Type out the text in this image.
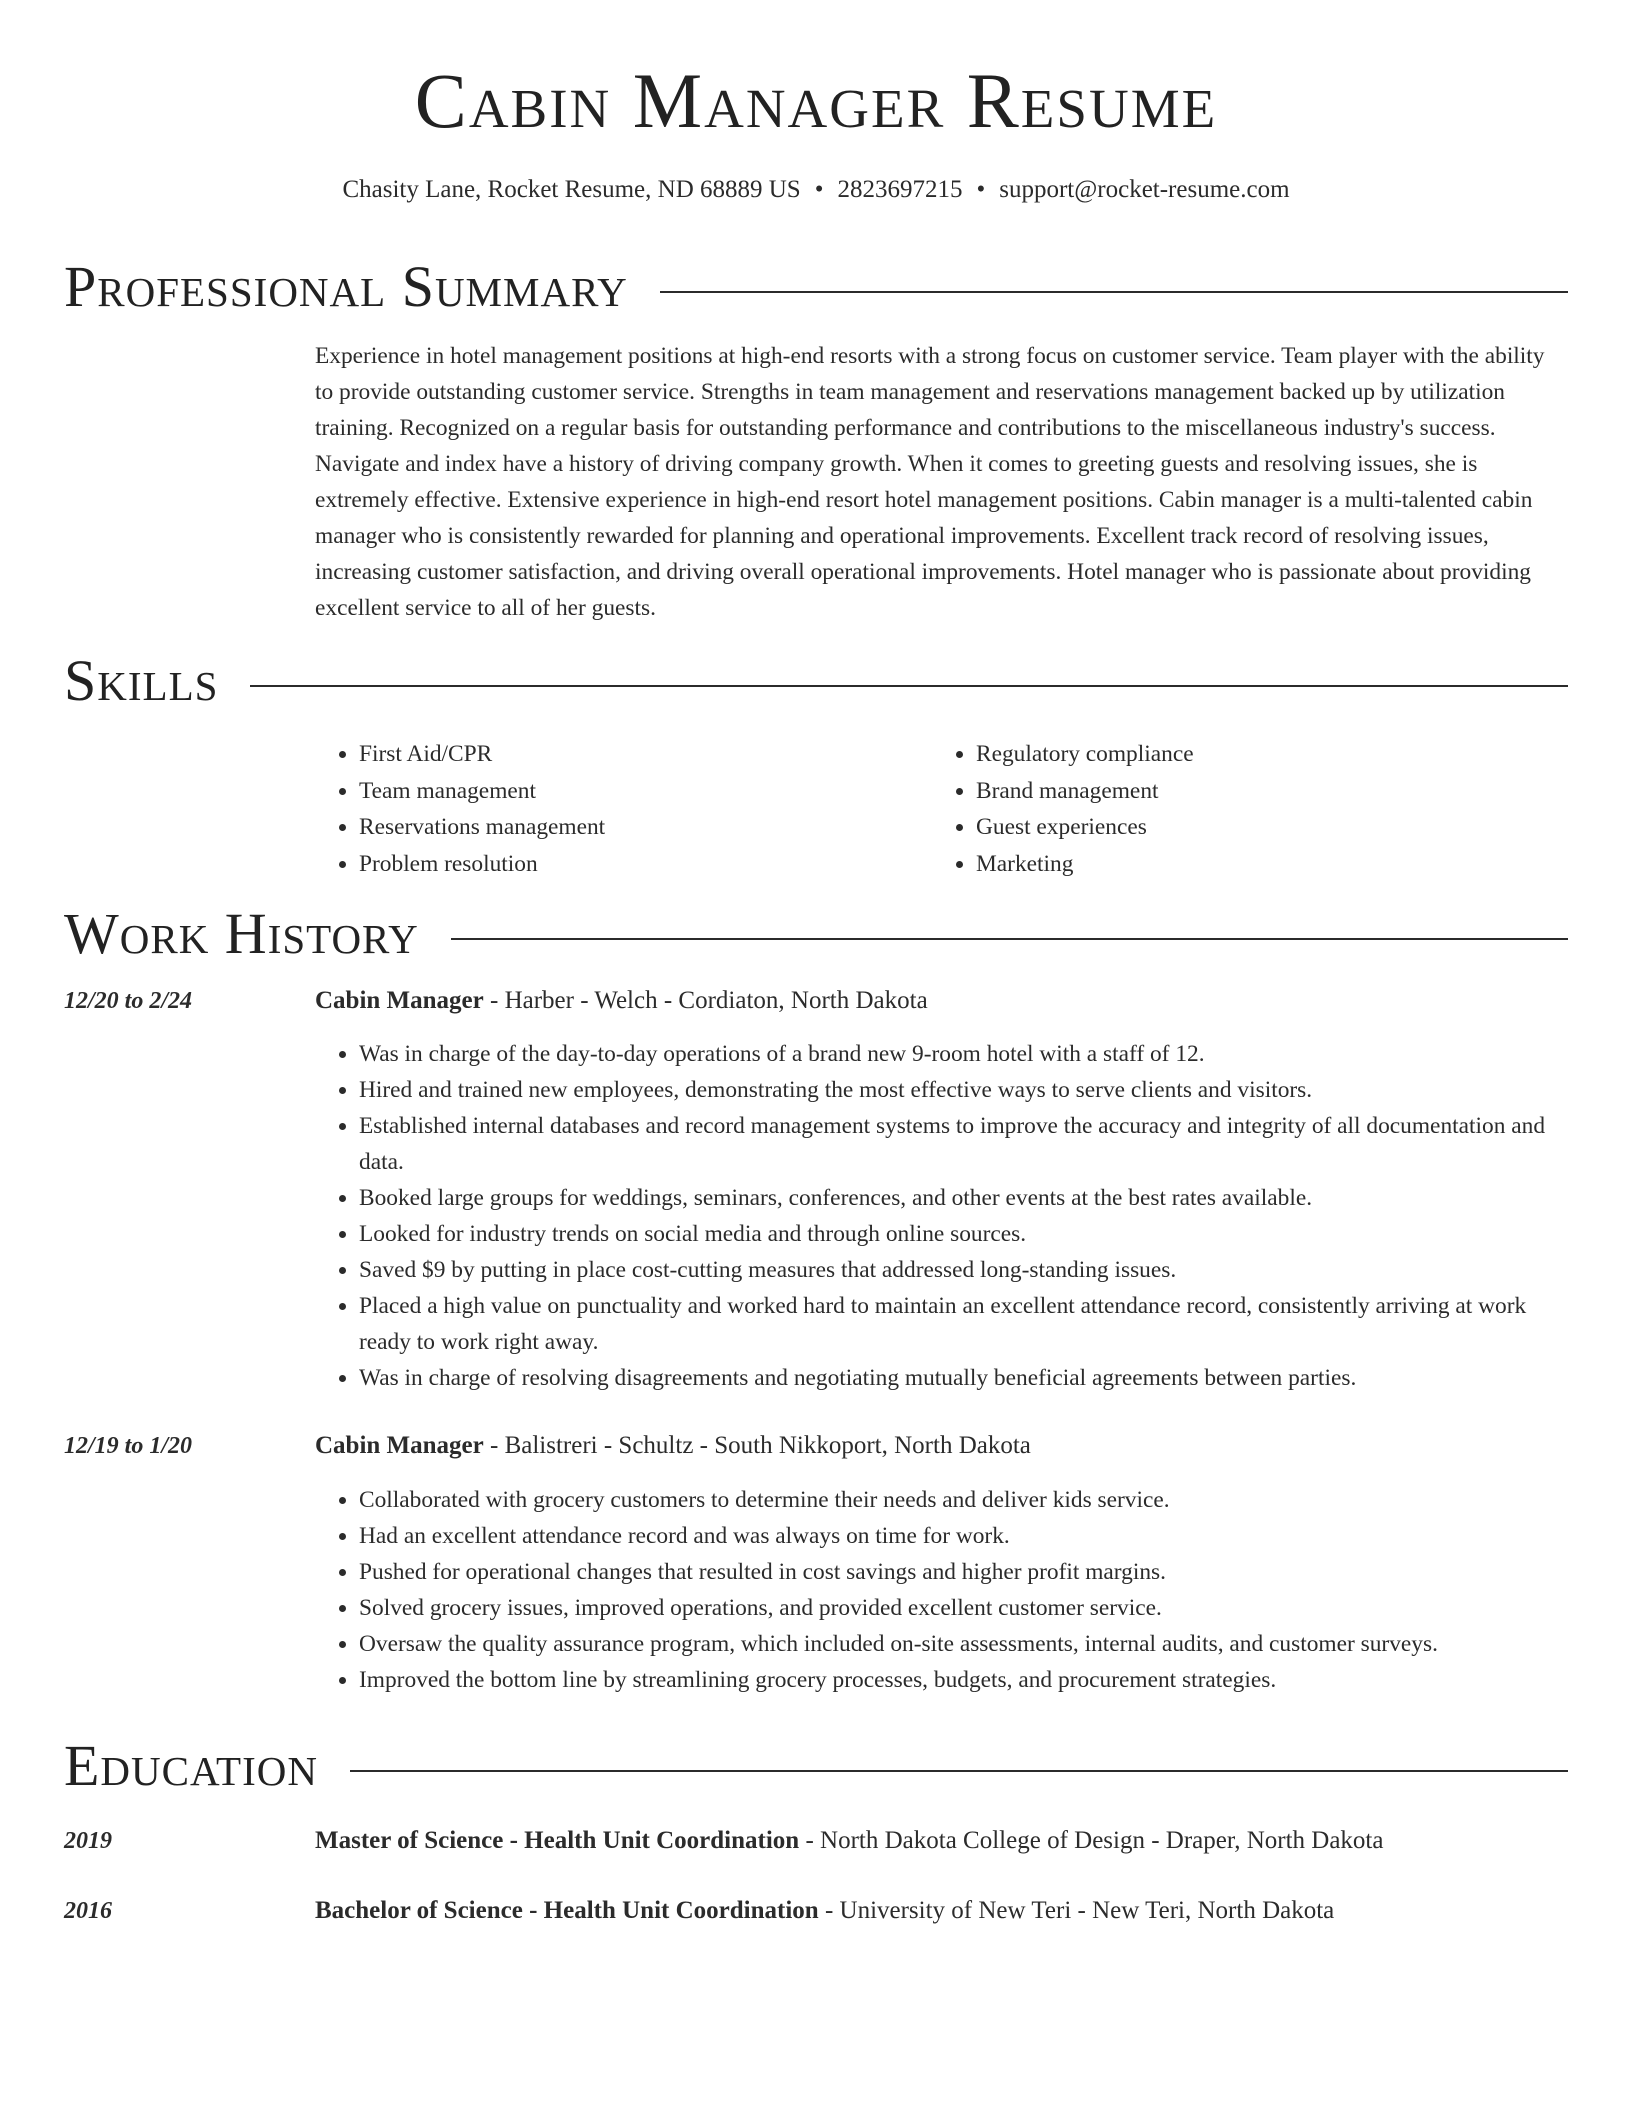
Cabin Manager Resume

Chasity Lane, Rocket Resume, ND 68889 US • 2823697215 • support@rocket-resume.com

Professional Summary

Experience in hotel management positions at high-end resorts with a strong focus on customer service. Team player with the ability to provide outstanding customer service. Strengths in team management and reservations management backed up by utilization training. Recognized on a regular basis for outstanding performance and contributions to the miscellaneous industry's success. Navigate and index have a history of driving company growth. When it comes to greeting guests and resolving issues, she is extremely effective. Extensive experience in high-end resort hotel management positions. Cabin manager is a multi-talented cabin manager who is consistently rewarded for planning and operational improvements. Excellent track record of resolving issues, increasing customer satisfaction, and driving overall operational improvements. Hotel manager who is passionate about providing excellent service to all of her guests.

Skills
• First Aid/CPR
• Team management
• Reservations management
• Problem resolution
• Regulatory compliance
• Brand management
• Guest experiences
• Marketing
Work History
12/20 to 2/24	Cabin Manager - Harber - Welch - Cordiaton, North Dakota
• Was in charge of the day-to-day operations of a brand new 9-room hotel with a staff of 12.
• Hired and trained new employees, demonstrating the most effective ways to serve clients and visitors.
• Established internal databases and record management systems to improve the accuracy and integrity of all documentation and data.
• Booked large groups for weddings, seminars, conferences, and other events at the best rates available.
• Looked for industry trends on social media and through online sources.
• Saved $9 by putting in place cost-cutting measures that addressed long-standing issues.
• Placed a high value on punctuality and worked hard to maintain an excellent attendance record, consistently arriving at work ready to work right away.
• Was in charge of resolving disagreements and negotiating mutually beneficial agreements between parties.
12/19 to 1/20	Cabin Manager - Balistreri - Schultz - South Nikkoport, North Dakota
• Collaborated with grocery customers to determine their needs and deliver kids service.
• Had an excellent attendance record and was always on time for work.
• Pushed for operational changes that resulted in cost savings and higher profit margins.
• Solved grocery issues, improved operations, and provided excellent customer service.
• Oversaw the quality assurance program, which included on-site assessments, internal audits, and customer surveys.
• Improved the bottom line by streamlining grocery processes, budgets, and procurement strategies.
Education
2019	Master of Science - Health Unit Coordination - North Dakota College of Design - Draper, North Dakota
2016	Bachelor of Science - Health Unit Coordination - University of New Teri - New Teri, North Dakota
